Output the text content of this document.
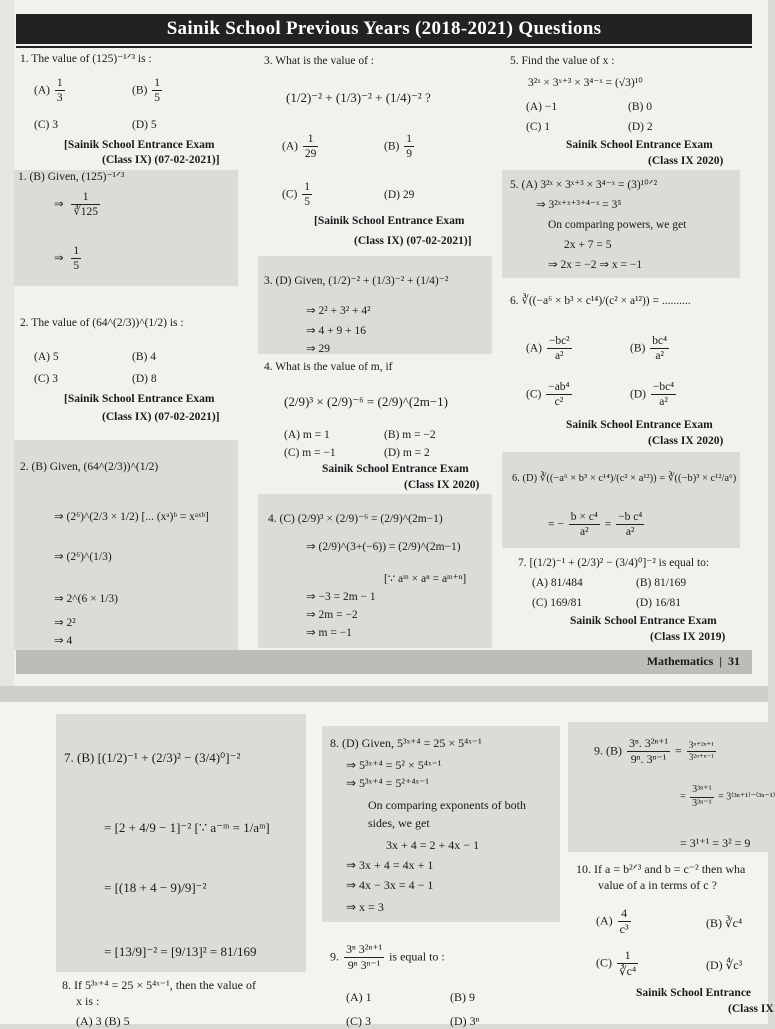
Sainik School Previous Years (2018-2021) Questions
1. The value of (125)⁻¹ᐟ³ is :
$(A) \frac{1}{3}$	$(B) \frac{1}{5}$
(C) 3	(D) 5
[Sainik School Entrance Exam
(Class IX) (07-02-2021)]
1. (B) Given, (125)⁻¹ᐟ³
⇒ $\frac{1}{∛125}$
⇒ $\frac{1}{5}$
2. The value of (64^(2/3))^(1/2) is :
(A) 5	(B) 4
(C) 3	(D) 8
[Sainik School Entrance Exam
(Class IX) (07-02-2021)]
2. (B) Given, (64^(2/3))^(1/2)
⇒ (2⁶)^(2/3 × 1/2) [... (xᵃ)ᵇ = xᵃˣᵇ]
⇒ (2⁶)^(1/3)
⇒ 2^(6 × 1/3)
⇒ 2²
⇒ 4
3. What is the value of :
(1/2)⁻² + (1/3)⁻² + (1/4)⁻² ?
$(A) \frac{1}{29}$	$(B) \frac{1}{9}$
$(C) \frac{1}{5}$	(D) 29
[Sainik School Entrance Exam
(Class IX) (07-02-2021)]
3. (D) Given, (1/2)⁻² + (1/3)⁻² + (1/4)⁻²
⇒ 2² + 3² + 4²
⇒ 4 + 9 + 16
⇒ 29
4. What is the value of m, if
(2/9)³ × (2/9)⁻⁶ = (2/9)^(2m−1)
(A) m = 1	(B) m = −2
(C) m = −1	(D) m = 2
Sainik School Entrance Exam
(Class IX 2020)
4. (C) (2/9)³ × (2/9)⁻⁶ = (2/9)^(2m−1)
⇒ (2/9)^(3+(−6)) = (2/9)^(2m−1)
[∵ aᵐ × aⁿ = aᵐ⁺ⁿ]
⇒ −3 = 2m − 1
⇒ 2m = −2
⇒ m = −1
5. Find the value of x :
3²ˣ × 3ˣ⁺³ × 3⁴⁻ˣ = (√3)¹⁰
(A) −1	(B) 0
(C) 1	(D) 2
Sainik School Entrance Exam
(Class IX 2020)
5. (A) 3²ˣ × 3ˣ⁺³ × 3⁴⁻ˣ = (3)¹⁰ᐟ²
⇒ 3²ˣ⁺ˣ⁺³⁺⁴⁻ˣ = 3⁵
On comparing powers, we get
2x + 7 = 5
⇒ 2x = −2 ⇒ x = −1
6. ∛((−a⁶ × b³ × c¹⁴)/(c² × a¹²)) = ..........
$(A) \frac{\text{−bc²}}{\text{a²}}$	$(B) \frac{\text{bc⁴}}{\text{a²}}$
$(C) \frac{\text{−ab⁴}}{\text{c²}}$	$(D) \frac{\text{−bc⁴}}{\text{a²}}$
Sainik School Entrance Exam
(Class IX 2020)
6. (D) ∛((−a⁶ × b³ × c¹⁴)/(c² × a¹²)) = ∛((−b)³ × c¹²/a⁶)
= − $\frac{\text{b × c⁴}}{\text{a²}} = \frac{\text{−b c⁴}}{\text{a²}}$
7. [(1/2)⁻¹ + (2/3)² − (3/4)⁰]⁻² is equal to:
(A) 81/484	(B) 81/169
(C) 169/81	(D) 16/81
Sainik School Entrance Exam
(Class IX 2019)
Mathematics  |  31
7. (B) [(1/2)⁻¹ + (2/3)² − (3/4)⁰]⁻²
= [2 + 4/9 − 1]⁻² [∵ a⁻ᵐ = 1/aᵐ]
= [(18 + 4 − 9)/9]⁻²
= [13/9]⁻² = [9/13]² = 81/169
8. If 5³ˣ⁺⁴ = 25 × 5⁴ˣ⁻¹, then the value of
x is :
(A) 3 (B) 5
8. (D) Given, 5³ˣ⁺⁴ = 25 × 5⁴ˣ⁻¹
⇒ 5³ˣ⁺⁴ = 5² × 5⁴ˣ⁻¹
⇒ 5³ˣ⁺⁴ = 5²⁺⁴ˣ⁻¹
On comparing exponents of both
sides, we get
3x + 4 = 2 + 4x − 1
⇒ 3x + 4 = 4x + 1
⇒ 4x − 3x = 4 − 1
⇒ x = 3
9. $\frac{\text{3ⁿ 3²ⁿ⁺¹}}{\text{9ⁿ 3ⁿ⁻¹}}$ is equal to :
(A) 1	(B) 9
(C) 3	(D) 3ⁿ
9. $(B) \frac{\text{3ⁿ. 3²ⁿ⁺¹}}{\text{9ⁿ. 3ⁿ⁻¹}} = \frac{\text{3ⁿ⁺²ⁿ⁺¹}}{\text{3²ⁿ⁺ⁿ⁻¹}}$
= $\frac{\text{3³ⁿ⁺¹}}{\text{3³ⁿ⁻¹}} = 3^{(3n+1)-(3n-1)}$
= 3¹⁺¹ = 3² = 9
10. If a = b²ᐟ³ and b = c⁻² then wha
value of a in terms of c ?
$(A) \frac{4}{\text{c³}}$	(B) ∛c⁴
$(C) \frac{1}{\text{∛c⁴}}$	(D) ∜c³
Sainik School Entrance
(Class IX
